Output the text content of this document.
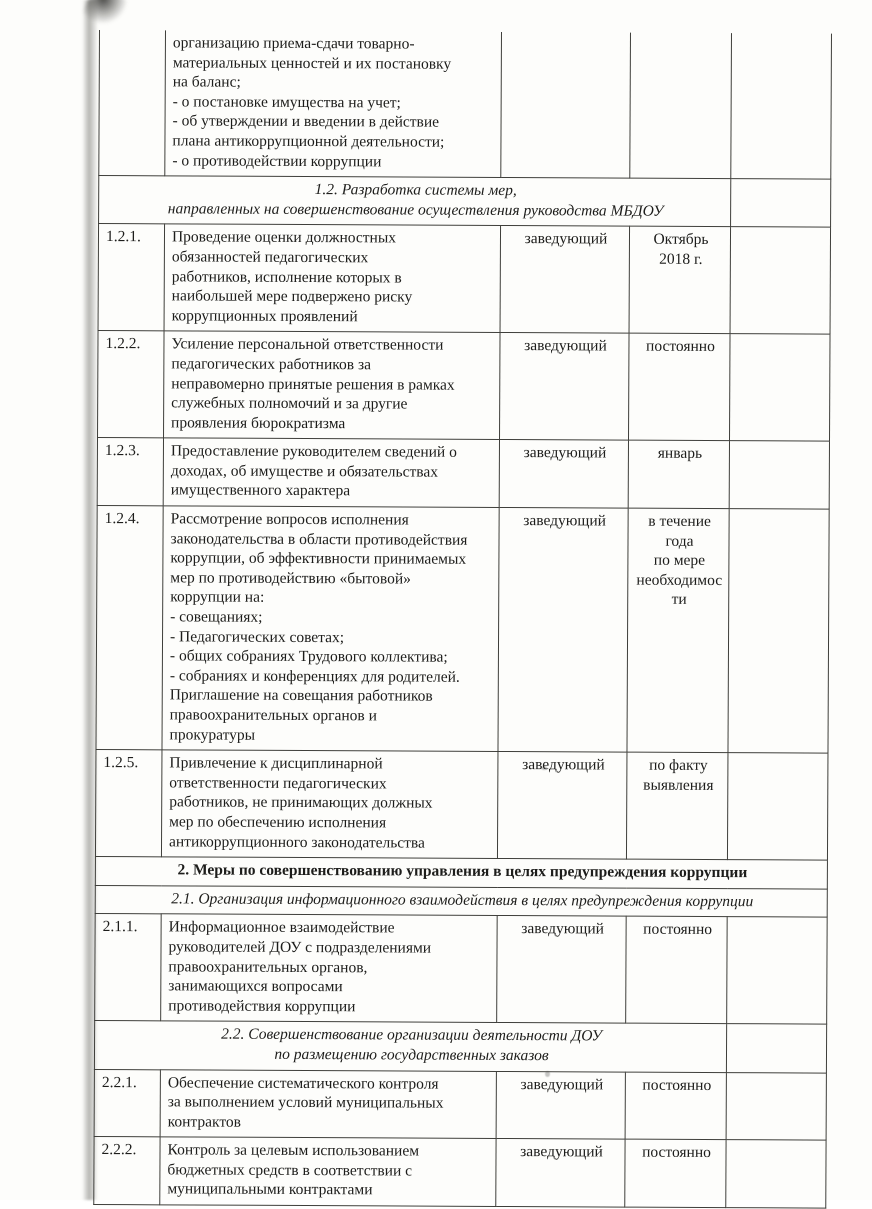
	организацию приема-сдачи товарно-
материальных ценностей и их постановку
на баланс;
- о постановке имущества на учет;
- об утверждении и введении в действие
плана антикоррупционной деятельности;
- о противодействии коррупции			
1.2. Разработка системы мер,
направленных на совершенствование осуществления руководства МБДОУ				
1.2.1.	Проведение оценки должностных
обязанностей педагогических
работников, исполнение которых в
наибольшей мере подвержено риску
коррупционных проявлений	заведующий	Октябрь
2018 г.	
1.2.2.	Усиление персональной ответственности
педагогических работников за
неправомерно принятые решения в рамках
служебных полномочий и за другие
проявления бюрократизма	заведующий	постоянно	
1.2.3.	Предоставление руководителем сведений о
доходах, об имуществе и обязательствах
имущественного характера	заведующий	январь	
1.2.4.	Рассмотрение вопросов исполнения
законодательства в области противодействия
коррупции, об эффективности принимаемых
мер по противодействию «бытовой»
коррупции на:
- совещаниях;
- Педагогических советах;
- общих собраниях Трудового коллектива;
- собраниях и конференциях для родителей.
Приглашение на совещания работников
правоохранительных органов и
прокуратуры	заведующий	в течение
года
по мере
необходимос
ти	
1.2.5.	Привлечение к дисциплинарной
ответственности педагогических
работников, не принимающих должных
мер по обеспечению исполнения
антикоррупционного законодательства	заведующий	по факту
выявления	
2. Меры по совершенствованию управления в целях предупреждения коррупции				
2.1. Организация информационного взаимодействия в целях предупреждения коррупции				
2.1.1.	Информационное взаимодействие
руководителей ДОУ с подразделениями
правоохранительных органов,
занимающихся вопросами
противодействия коррупции	заведующий	постоянно	
2.2. Совершенствование организации деятельности ДОУ
по размещению государственных заказов				
2.2.1.	Обеспечение систематического контроля
за выполнением условий муниципальных
контрактов	заведующий	постоянно	
2.2.2.	Контроль за целевым использованием
бюджетных средств в соответствии с
муниципальными контрактами	заведующий	постоянно	
